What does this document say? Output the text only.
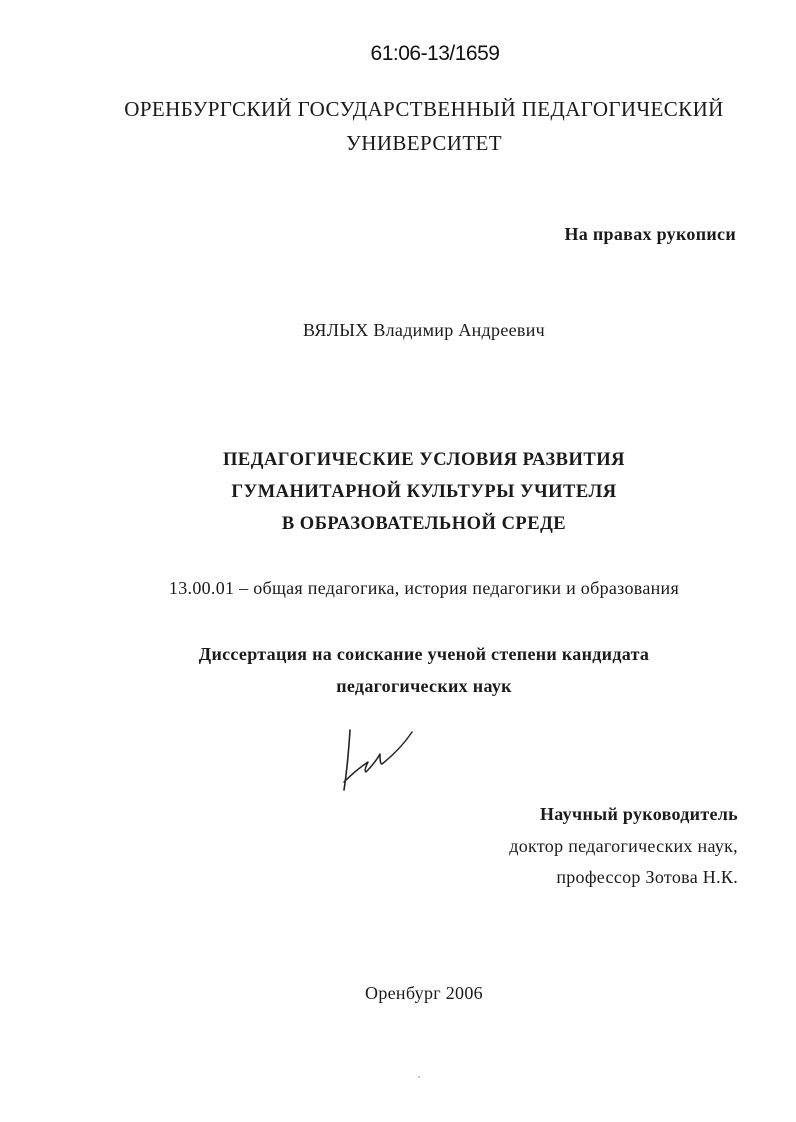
61:06-13/1659
ОРЕНБУРГСКИЙ ГОСУДАРСТВЕННЫЙ ПЕДАГОГИЧЕСКИЙ
УНИВЕРСИТЕТ
На правах рукописи
ВЯЛЫХ Владимир Андреевич
ПЕДАГОГИЧЕСКИЕ УСЛОВИЯ РАЗВИТИЯ
ГУМАНИТАРНОЙ КУЛЬТУРЫ УЧИТЕЛЯ
В ОБРАЗОВАТЕЛЬНОЙ СРЕДЕ
13.00.01 – общая педагогика, история педагогики и образования
Диссертация на соискание ученой степени кандидата
педагогических наук
Научный руководитель
доктор педагогических наук,
профессор Зотова Н.К.
Оренбург 2006
